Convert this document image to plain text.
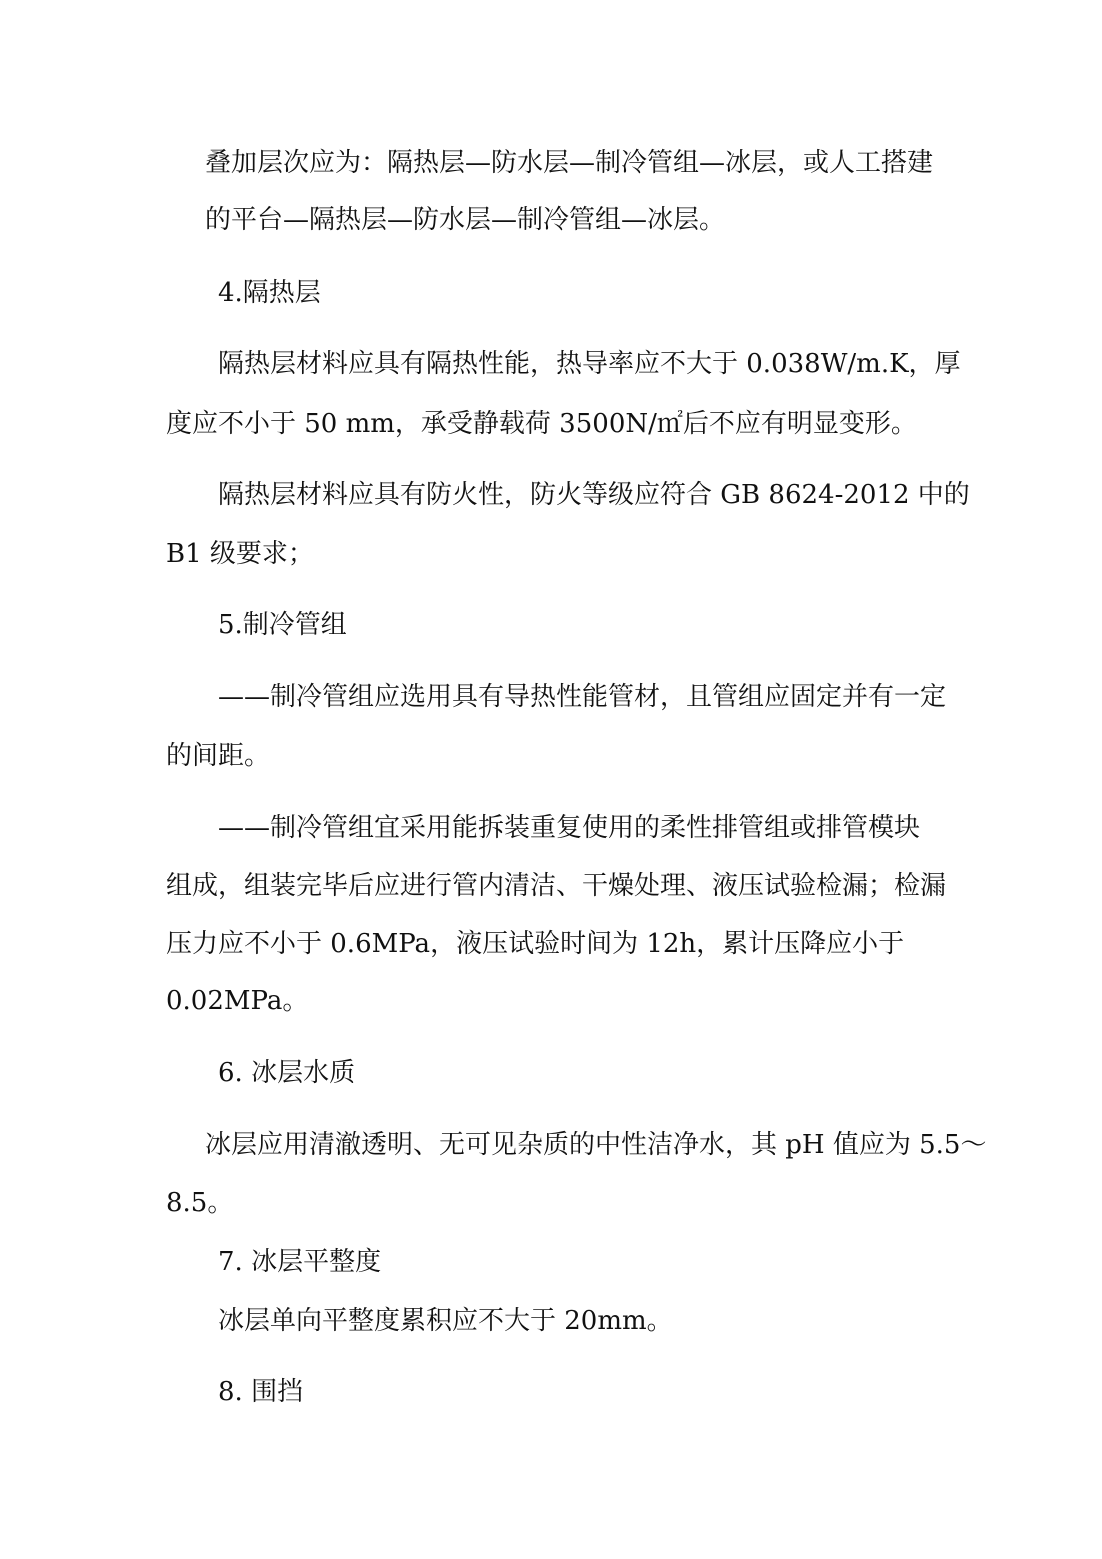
叠加层次应为：隔热层—防水层—制冷管组—冰层，或人工搭建

的平台—隔热层—防水层—制冷管组—冰层。

4.隔热层

隔热层材料应具有隔热性能，热导率应不大于 0.038W/m.K，厚

度应不小于 50 mm，承受静载荷 3500N/㎡后不应有明显变形。

隔热层材料应具有防火性，防火等级应符合 GB 8624-2012 中的

B1 级要求；

5.制冷管组

——制冷管组应选用具有导热性能管材，且管组应固定并有一定

的间距。

——制冷管组宜采用能拆装重复使用的柔性排管组或排管模块

组成，组装完毕后应进行管内清洁、干燥处理、液压试验检漏；检漏

压力应不小于 0.6MPa，液压试验时间为 12h，累计压降应小于

0.02MPa。

6. 冰层水质

冰层应用清澈透明、无可见杂质的中性洁净水，其 pH 值应为 5.5～

8.5。

7. 冰层平整度

冰层单向平整度累积应不大于 20mm。

8. 围挡
